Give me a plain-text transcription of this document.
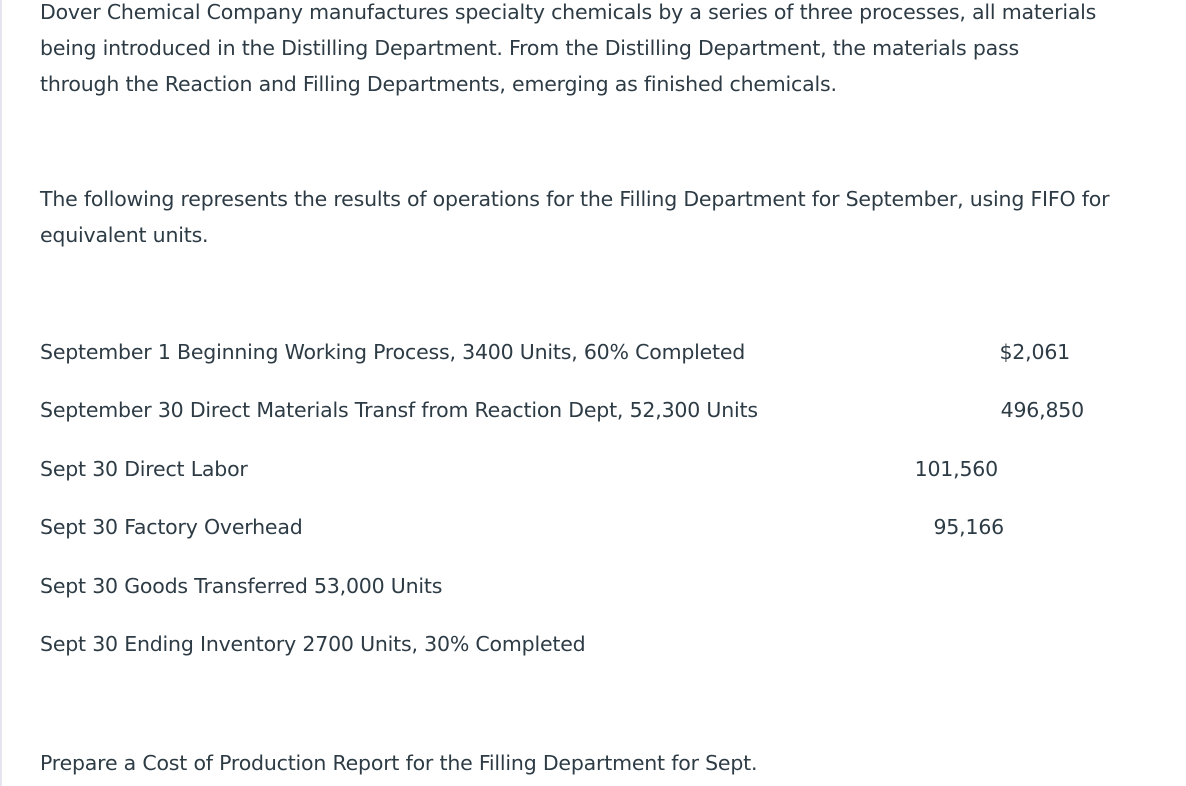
Dover Chemical Company manufactures specialty chemicals by a series of three processes, all materials being introduced in the Distilling Department. From the Distilling Department, the materials pass through the Reaction and Filling Departments, emerging as finished chemicals.

The following represents the results of operations for the Filling Department for September, using FIFO for equivalent units.

September 1 Beginning Working Process, 3400 Units, 60% Completed	$2,061
September 30 Direct Materials Transf from Reaction Dept, 52,300 Units	496,850
Sept 30 Direct Labor	101,560
Sept 30 Factory Overhead	95,166
Sept 30 Goods Transferred 53,000 Units
Sept 30 Ending Inventory 2700 Units, 30% Completed

Prepare a Cost of Production Report for the Filling Department for Sept.
